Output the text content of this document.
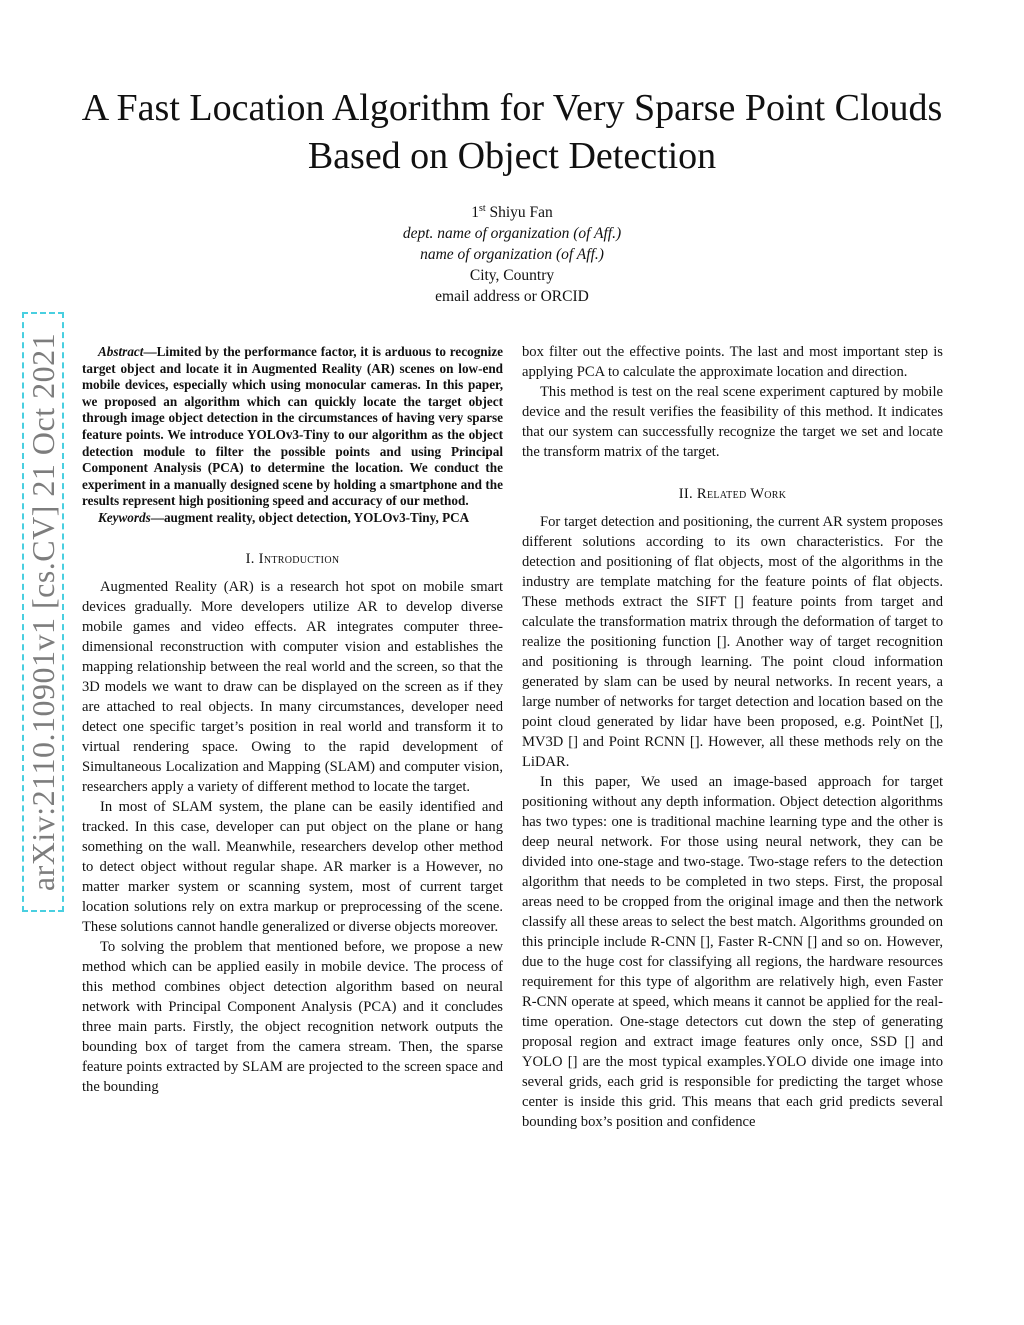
A Fast Location Algorithm for Very Sparse Point Clouds Based on Object Detection
1st Shiyu Fan
dept. name of organization (of Aff.)
name of organization (of Aff.)
City, Country
email address or ORCID
arXiv:2110.10901v1 [cs.CV] 21 Oct 2021	Abstract—Limited by the performance factor, it is arduous to recognize target object and locate it in Augmented Reality (AR) scenes on low-end mobile devices, especially which using monocular cameras. In this paper, we proposed an algorithm which can quickly locate the target object through image object detection in the circumstances of having very sparse feature points. We introduce YOLOv3-Tiny to our algorithm as the object detection module to filter the possible points and using Principal Component Analysis (PCA) to determine the location. We conduct the experiment in a manually designed scene by holding a smartphone and the results represent high positioning speed and accuracy of our method.

Keywords—augment reality, object detection, YOLOv3-Tiny, PCA

I. Introduction

Augmented Reality (AR) is a research hot spot on mobile smart devices gradually. More developers utilize AR to develop diverse mobile games and video effects. AR integrates computer three-dimensional reconstruction with computer vision and establishes the mapping relationship between the real world and the screen, so that the 3D models we want to draw can be displayed on the screen as if they are attached to real objects. In many circumstances, developer need detect one specific target’s position in real world and transform it to virtual rendering space. Owing to the rapid development of Simultaneous Localization and Mapping (SLAM) and computer vision, researchers apply a variety of different method to locate the target.

In most of SLAM system, the plane can be easily identified and tracked. In this case, developer can put object on the plane or hang something on the wall. Meanwhile, researchers develop other method to detect object without regular shape. AR marker is a However, no matter marker system or scanning system, most of current target location solutions rely on extra markup or preprocessing of the scene. These solutions cannot handle generalized or diverse objects moreover.

To solving the problem that mentioned before, we propose a new method which can be applied easily in mobile device. The process of this method combines object detection algorithm based on neural network with Principal Component Analysis (PCA) and it concludes three main parts. Firstly, the object recognition network outputs the bounding box of target from the camera stream. Then, the sparse feature points extracted by SLAM are projected to the screen space and the bounding

box filter out the effective points. The last and most important step is applying PCA to calculate the approximate location and direction.

This method is test on the real scene experiment captured by mobile device and the result verifies the feasibility of this method. It indicates that our system can successfully recognize the target we set and locate the transform matrix of the target.

II. Related Work

For target detection and positioning, the current AR system proposes different solutions according to its own characteristics. For the detection and positioning of flat objects, most of the algorithms in the industry are template matching for the feature points of flat objects. These methods extract the SIFT [] feature points from target and calculate the transformation matrix through the deformation of target to realize the positioning function []. Another way of target recognition and positioning is through learning. The point cloud information generated by slam can be used by neural networks. In recent years, a large number of networks for target detection and location based on the point cloud generated by lidar have been proposed, e.g. PointNet [], MV3D [] and Point RCNN []. However, all these methods rely on the LiDAR.

In this paper, We used an image-based approach for target positioning without any depth information. Object detection algorithms has two types: one is traditional machine learning type and the other is deep neural network. For those using neural network, they can be divided into one-stage and two-stage. Two-stage refers to the detection algorithm that needs to be completed in two steps. First, the proposal areas need to be cropped from the original image and then the network classify all these areas to select the best match. Algorithms grounded on this principle include R-CNN [], Faster R-CNN [] and so on. However, due to the huge cost for classifying all regions, the hardware resources requirement for this type of algorithm are relatively high, even Faster R-CNN operate at speed, which means it cannot be applied for the real-time operation. One-stage detectors cut down the step of generating proposal region and extract image features only once, SSD [] and YOLO [] are the most typical examples.YOLO divide one image into several grids, each grid is responsible for predicting the target whose center is inside this grid. This means that each grid predicts several bounding box’s position and confidence
